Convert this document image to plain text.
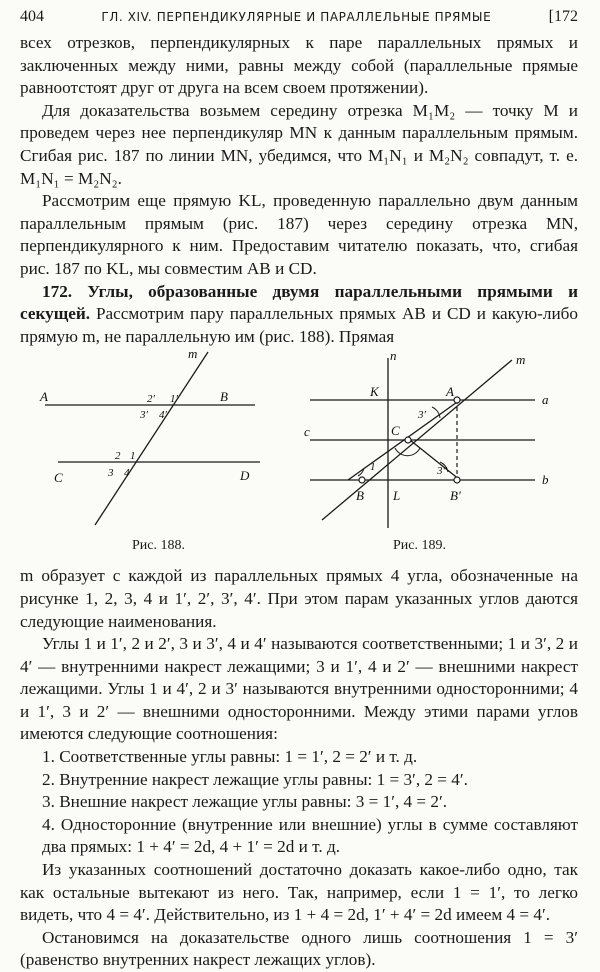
404	ГЛ. XIV. ПЕРПЕНДИКУЛЯРНЫЕ И ПАРАЛЛЕЛЬНЫЕ ПРЯМЫЕ	[172

всех отрезков, перпендикулярных к паре параллельных прямых и заключенных между ними, равны между собой (параллельные прямые равноотстоят друг от друга на всем своем протяжении).

Для доказательства возьмем середину отрезка M₁M₂ — точку M и проведем через нее перпендикуляр MN к данным параллельным прямым. Сгибая рис. 187 по линии MN, убедимся, что M₁N₁ и M₂N₂ совпадут, т. е. M₁N₁ = M₂N₂.

Рассмотрим еще прямую KL, проведенную параллельно двум данным параллельным прямым (рис. 187) через середину отрезка MN, перпендикулярного к ним. Предоставим читателю показать, что, сгибая рис. 187 по KL, мы совместим AB и CD.

172. Углы, образованные двумя параллельными прямыми и секущей. Рассмотрим пару параллельных прямых AB и CD и какую-либо прямую m, не параллельную им (рис. 188). Прямая

m
A	B
C	D
2′ 1′
3′ 4′
2 1
3 4
Рис. 188.
n	m
a
c
b
K	A
C
L
B	B′
3′
3″
1
Рис. 189.

m образует с каждой из параллельных прямых 4 угла, обозначенные на рисунке 1, 2, 3, 4 и 1′, 2′, 3′, 4′. При этом парам указанных углов даются следующие наименования.

Углы 1 и 1′, 2 и 2′, 3 и 3′, 4 и 4′ называются соответственными; 1 и 3′, 2 и 4′ — внутренними накрест лежащими; 3 и 1′, 4 и 2′ — внешними накрест лежащими. Углы 1 и 4′, 2 и 3′ называются внутренними односторонними; 4 и 1′, 3 и 2′ — внешними односторонними. Между этими парами углов имеются следующие соотношения:

1. Соответственные углы равны: 1 = 1′, 2 = 2′ и т. д.
2. Внутренние накрест лежащие углы равны: 1 = 3′, 2 = 4′.
3. Внешние накрест лежащие углы равны: 3 = 1′, 4 = 2′.
4. Односторонние (внутренние или внешние) углы в сумме составляют два прямых: 1 + 4′ = 2d, 4 + 1′ = 2d и т. д.

Из указанных соотношений достаточно доказать какое-либо одно, так как остальные вытекают из него. Так, например, если 1 = 1′, то легко видеть, что 4 = 4′. Действительно, из 1 + 4 = 2d, 1′ + 4′ = 2d имеем 4 = 4′.

Остановимся на доказательстве одного лишь соотношения 1 = 3′ (равенство внутренних накрест лежащих углов).
